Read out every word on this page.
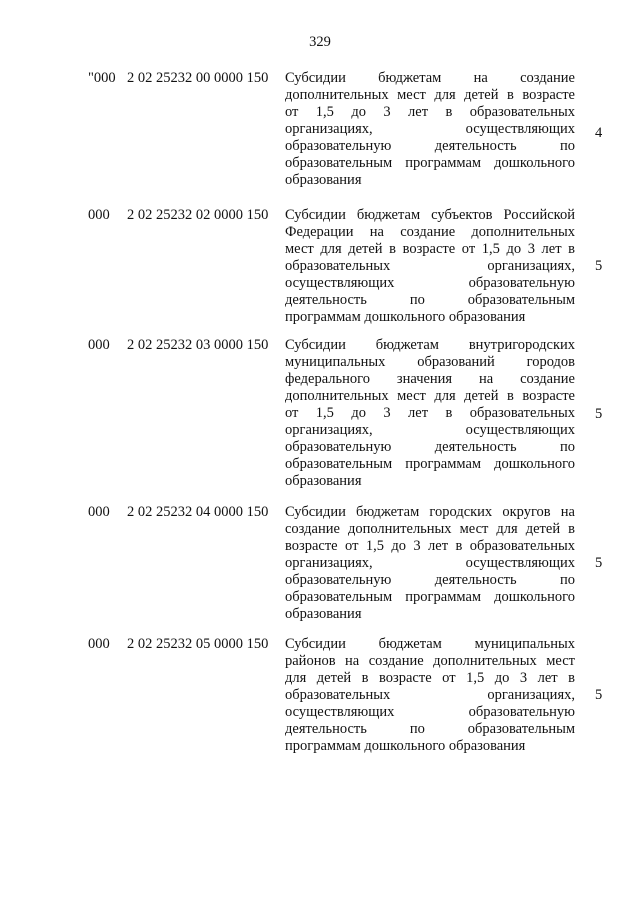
329
"000 2 02 25232 00 0000 150 Субсидии бюджетам на создание
дополнительных мест для детей в возрасте
от 1,5 до 3 лет в образовательных
организациях, осуществляющих
образовательную деятельность по
образовательным программам дошкольного
образования
4
000 2 02 25232 02 0000 150 Субсидии бюджетам субъектов Российской
Федерации на создание дополнительных
мест для детей в возрасте от 1,5 до 3 лет в
образовательных организациях,
осуществляющих образовательную
деятельность по образовательным
программам дошкольного образования
5
000 2 02 25232 03 0000 150 Субсидии бюджетам внутригородских
муниципальных образований городов
федерального значения на создание
дополнительных мест для детей в возрасте
от 1,5 до 3 лет в образовательных
организациях, осуществляющих
образовательную деятельность по
образовательным программам дошкольного
образования
5
000 2 02 25232 04 0000 150 Субсидии бюджетам городских округов на
создание дополнительных мест для детей в
возрасте от 1,5 до 3 лет в образовательных
организациях, осуществляющих
образовательную деятельность по
образовательным программам дошкольного
образования
5
000 2 02 25232 05 0000 150 Субсидии бюджетам муниципальных
районов на создание дополнительных мест
для детей в возрасте от 1,5 до 3 лет в
образовательных организациях,
осуществляющих образовательную
деятельность по образовательным
программам дошкольного образования
5
